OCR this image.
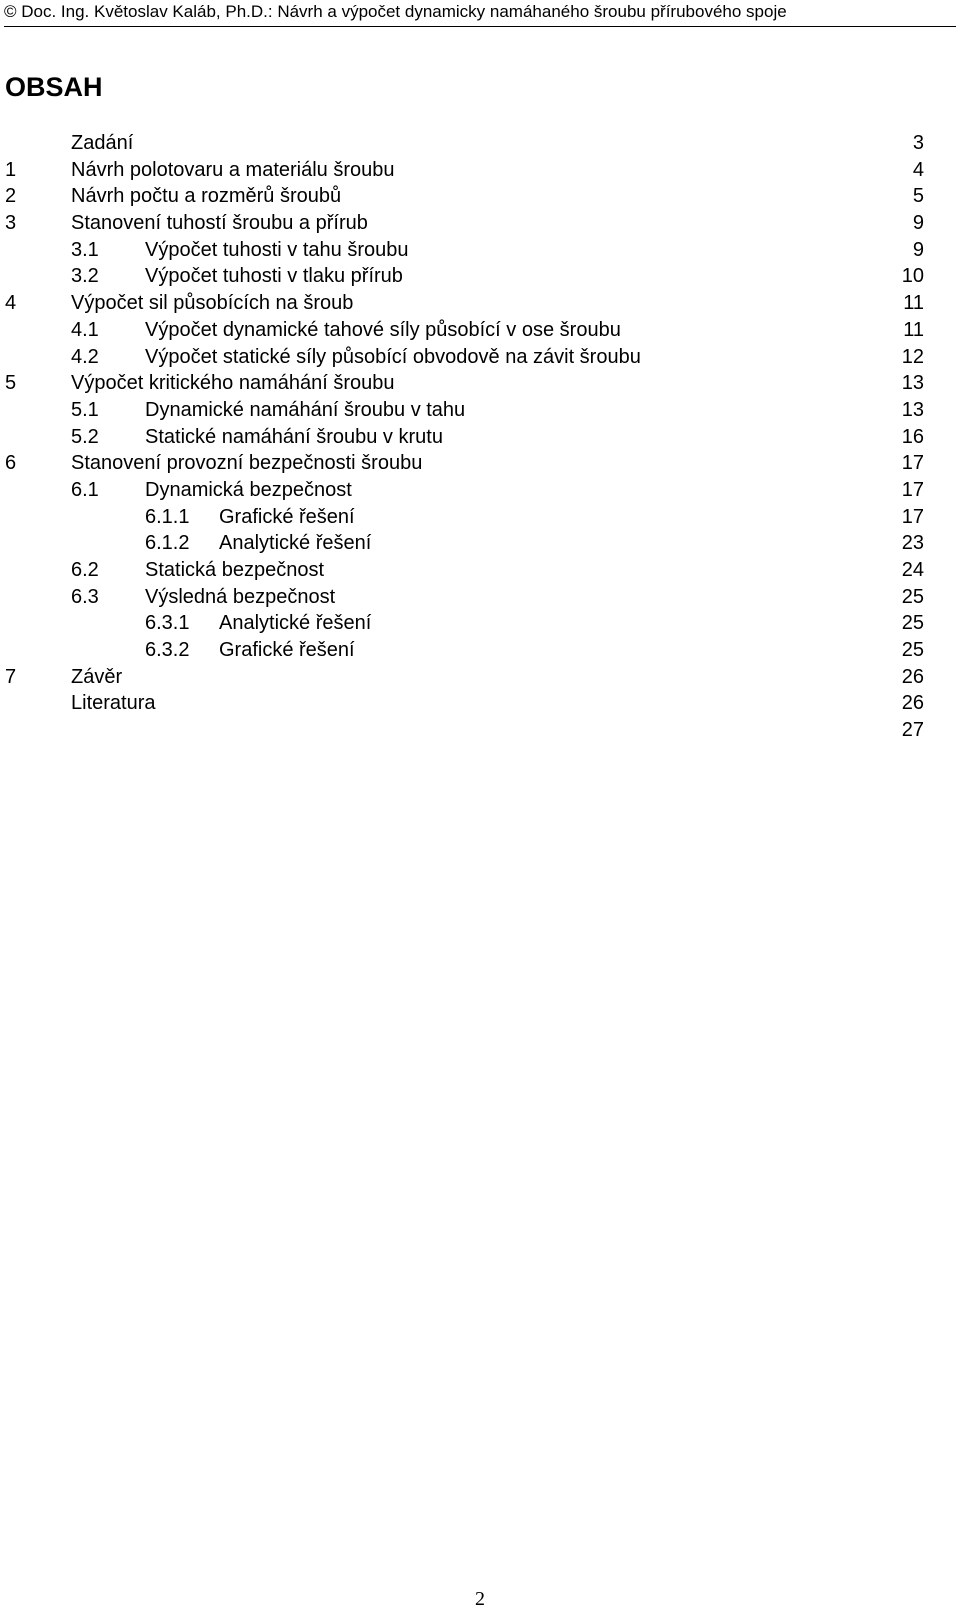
© Doc. Ing. Květoslav Kaláb, Ph.D.: Návrh a výpočet dynamicky namáhaného šroubu přírubového spoje
OBSAH
Zadání	3
1	Návrh polotovaru a materiálu šroubu	4
2	Návrh počtu a rozměrů šroubů	5
3	Stanovení tuhostí šroubu a přírub	9
3.1 Výpočet tuhosti v tahu šroubu	9
3.2 Výpočet tuhosti v tlaku přírub	10
4	Výpočet sil působících na šroub	11
4.1 Výpočet dynamické tahové síly působící v ose šroubu	11
4.2 Výpočet statické síly působící obvodově na závit šroubu	12
5	Výpočet kritického namáhání šroubu	13
5.1 Dynamické namáhání šroubu v tahu	13
5.2 Statické namáhání šroubu v krutu	16
6	Stanovení provozní bezpečnosti šroubu	17
6.1 Dynamická bezpečnost	17
6.1.1 Grafické řešení	17
6.1.2 Analytické řešení	23
6.2 Statická bezpečnost	24
6.3 Výsledná bezpečnost	25
6.3.1 Analytické řešení	25
6.3.2 Grafické řešení	25
7	Závěr	26
Literatura	26
27
2
